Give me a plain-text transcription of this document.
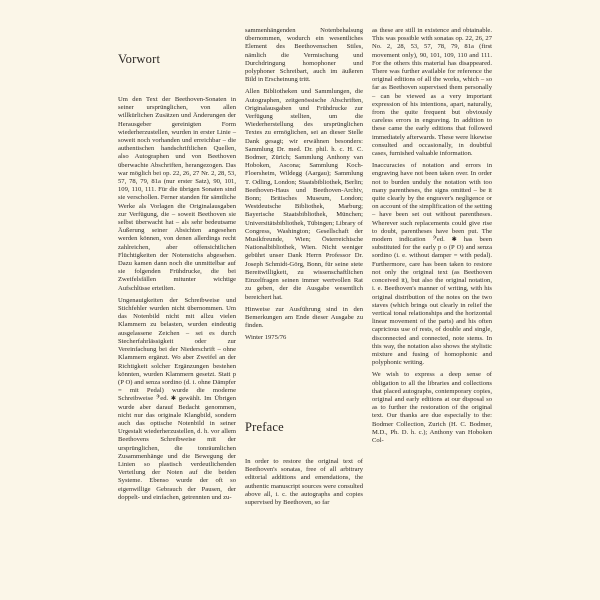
Vorwort

Um den Text der Beethoven-Sonaten in seiner ursprünglichen, von allen willkürlichen Zusätzen und Änderungen der Herausgeber gereinigten Form wiederherzustellen, wurden in erster Linie – soweit noch vorhanden und erreichbar – die authentischen handschriftlichen Quellen, also Autographen und von Beethoven überwachte Abschriften, herangezogen. Das war möglich bei op. 22, 26, 27 Nr. 2, 28, 53, 57, 78, 79, 81a (nur erster Satz), 90, 101, 109, 110, 111. Für die übrigen Sonaten sind sie verschollen. Ferner standen für sämtliche Werke als Vorlagen die Originalausgaben zur Verfügung, die – soweit Beethoven sie selbst überwacht hat – als sehr bedeutsame Äußerung seiner Absichten angesehen werden können, von denen allerdings recht zahlreichen, aber offensichtlichen Flüchtigkeiten der Notenstichs abgesehen. Dazu kamen dann noch die unmittelbar auf sie folgenden Frühdrucke, die bei Zweifelsfällen mitunter wichtige Aufschlüsse erteilten.

Ungenauigkeiten der Schreibweise und Stichfehler wurden nicht übernommen. Um das Notenbild nicht mit allzu vielen Klammern zu belasten, wurden eindeutig ausgelassene Zeichen – sei es durch Stecherfahrlässigkeit oder zur Vereinfachung bei der Niederschrift – ohne Klammern ergänzt. Wo aber Zweifel an der Richtigkeit solcher Ergänzungen bestehen könnten, wurden Klammern gesetzt. Statt p (P O) and senza sordino (d. i. ohne Dämpfer = mit Pedal) wurde die moderne Schreibweise 𝄢ed. ✱ gewählt. Im Übrigen wurde aber darauf Bedacht genommen, nicht nur das originale Klangbild, sondern auch das optische Notenbild in seiner Urgestalt wiederherzustellen, d. h. vor allem Beethovens Schreibweise mit der ursprünglichen, die tonräumlichen Zusammenhänge und die Bewegung der Linien so plastisch verdeutlichenden Verteilung der Noten auf die beiden Systeme. Ebenso wurde der oft so eigenwillige Gebrauch der Pausen, der doppelt- und einfachen, getrennten und zu-

sammenhängenden Notenbehalsung übernommen, wodurch ein wesentliches Element des Beethovenschen Stiles, nämlich die Vermischung und Durchdringung homophoner und polyphoner Schreibart, auch im äußeren Bild in Erscheinung tritt.

Allen Bibliotheken und Sammlungen, die Autographen, zeitgenössische Abschriften, Originalausgaben und Frühdrucke zur Verfügung stellten, um die Wiederherstellung des ursprünglichen Textes zu ermöglichen, sei an dieser Stelle Dank gesagt; wir erwähnen besonders: Sammlung Dr. med. Dr. phil. h. c. H. C. Bodmer, Zürich; Sammlung Anthony van Hoboken, Ascona; Sammlung Koch-Floersheim, Wildegg (Aargau); Sammlung T. Odling, London; Staatsbibliothek, Berlin; Beethoven-Haus und Beethoven-Archiv, Bonn; Britisches Museum, London; Westdeutsche Bibliothek, Marburg; Bayerische Staatsbibliothek, München; Universitätsbibliothek, Tübingen; Library of Congress, Washington; Gesellschaft der Musikfreunde, Wien; Österreichische Nationalbibliothek, Wien. Nicht weniger gebührt unser Dank Herrn Professor Dr. Joseph Schmidt-Görg, Bonn, für seine stete Bereitwilligkeit, zu wissenschaftlichen Einzelfragen seinen immer wertvollen Rat zu geben, der die Ausgabe wesentlich bereichert hat.

Hinweise zur Ausführung sind in den Bemerkungen am Ende dieser Ausgabe zu finden.

Winter 1975/76

Preface

In order to restore the original text of Beethoven's sonatas, free of all arbitrary editorial additions and emendations, the authentic manuscript sources were consulted above all, i. c. the autographs and copies supervised by Beethoven, so far

as these are still in existence and obtainable. This was possible with sonatas op. 22, 26, 27 No. 2, 28, 53, 57, 78, 79, 81a (first movement only), 90, 101, 109, 110 and 111. For the others this material has disappeared. There was further available for reference the original editions of all the works, which – so far as Beethoven supervised them personally – can be viewed as a very important expression of his intentions, apart, naturally, from the quite frequent but obviously careless errors in engraving. In addition to these came the early editions that followed immediately afterwards. These were likewise consulted and occasionally, in doubtful cases, furnished valuable information.

Inaccuracies of notation and errors in engraving have not been taken over. In order not to burden unduly the notation with too many parentheses, the signs omitted – be it quite clearly by the engraver's negligence or on account of the simplification of the setting – have been set out without parentheses. Wherever such replacements could give rise to doubt, parentheses have been put. The modern indication 𝄢ed. ✱ has been substituted for the early p o (P O) and senza sordino (i. e. without damper = with pedal). Furthermore, care has been taken to restore not only the original text (as Beethoven conceived it), but also the original notation, i. e. Beethoven's manner of writing, with his original distribution of the notes on the two staves (which brings out clearly in relief the vertical tonal relationships and the horizontal linear movement of the parts) and his often capricious use of rests, of double and single, disconnected and connected, note stems. In this way, the notation also shows the stylistic mixture and fusing of homophonic and polyphonic writing.

We wish to express a deep sense of obligation to all the libraries and collections that placed autographs, contemporary copies, original and early editions at our disposal so as to further the restoration of the original text. Our thanks are due especially to the: Bodmer Collection, Zurich (H. C. Bodmer, M.D., Ph. D. h. c.); Anthony van Hoboken Col-
